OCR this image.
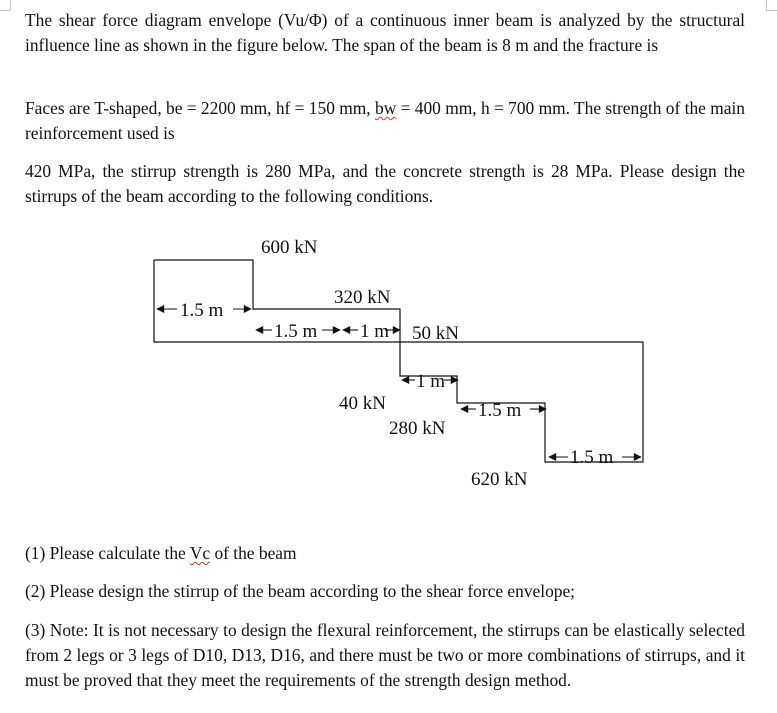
The shear force diagram envelope (Vu/Φ) of a continuous inner beam is analyzed by the structural influence line as shown in the figure below. The span of the beam is 8 m and the fracture is

Faces are T-shaped, be = 2200 mm, hf = 150 mm, bw = 400 mm, h = 700 mm. The strength of the main reinforcement used is

420 MPa, the stirrup strength is 280 MPa, and the concrete strength is 28 MPa. Please design the stirrups of the beam according to the following conditions.

600 kN
320 kN
50 kN
40 kN
280 kN
620 kN
1.5 m
1.5 m 1 m
1 m
1.5 m
1.5 m

(1) Please calculate the Vc of the beam

(2) Please design the stirrup of the beam according to the shear force envelope;

(3) Note: It is not necessary to design the flexural reinforcement, the stirrups can be elastically selected from 2 legs or 3 legs of D10, D13, D16, and there must be two or more combinations of stirrups, and it must be proved that they meet the requirements of the strength design method.
